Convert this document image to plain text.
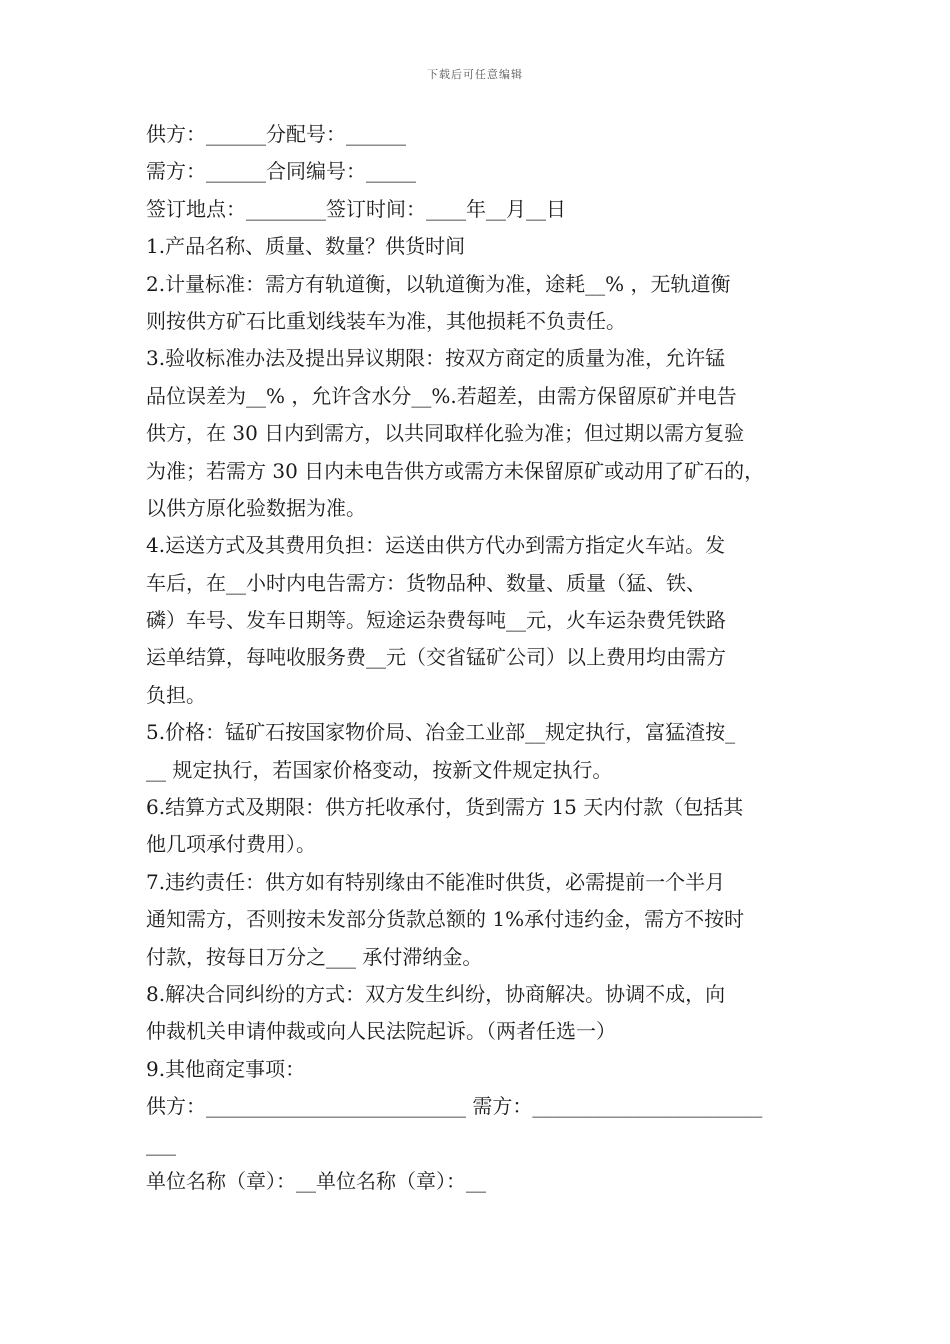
下载后可任意编辑
供方：______分配号：______
需方：______合同编号：_____
签订地点：________签订时间：____年__月__日
1.产品名称、质量、数量？供货时间
2.计量标准：需方有轨道衡，以轨道衡为准，途耗__% ，无轨道衡
则按供方矿石比重划线装车为准，其他损耗不负责任。
3.验收标准办法及提出异议期限：按双方商定的质量为准，允许锰
品位误差为__% ，允许含水分__%.若超差，由需方保留原矿并电告
供方，在 30 日内到需方，以共同取样化验为准；但过期以需方复验
为准；若需方 30 日内未电告供方或需方未保留原矿或动用了矿石的，
以供方原化验数据为准。
4.运送方式及其费用负担：运送由供方代办到需方指定火车站。发
车后，在__小时内电告需方：货物品种、数量、质量（猛、铁、
磷）车号、发车日期等。短途运杂费每吨__元，火车运杂费凭铁路
运单结算，每吨收服务费__元（交省锰矿公司）以上费用均由需方
负担。
5.价格：锰矿石按国家物价局、冶金工业部__规定执行，富猛渣按_
__ 规定执行，若国家价格变动，按新文件规定执行。
6.结算方式及期限：供方托收承付，货到需方 15 天内付款（包括其
他几项承付费用）。
7.违约责任：供方如有特别缘由不能准时供货，必需提前一个半月
通知需方，否则按未发部分货款总额的 1%承付违约金，需方不按时
付款，按每日万分之___ 承付滞纳金。
8.解决合同纠纷的方式：双方发生纠纷，协商解决。协调不成，向
仲裁机关申请仲裁或向人民法院起诉。（两者任选一）
9.其他商定事项：
供方：__________________________ 需方：_______________________
___
单位名称（章）：__单位名称（章）：__
